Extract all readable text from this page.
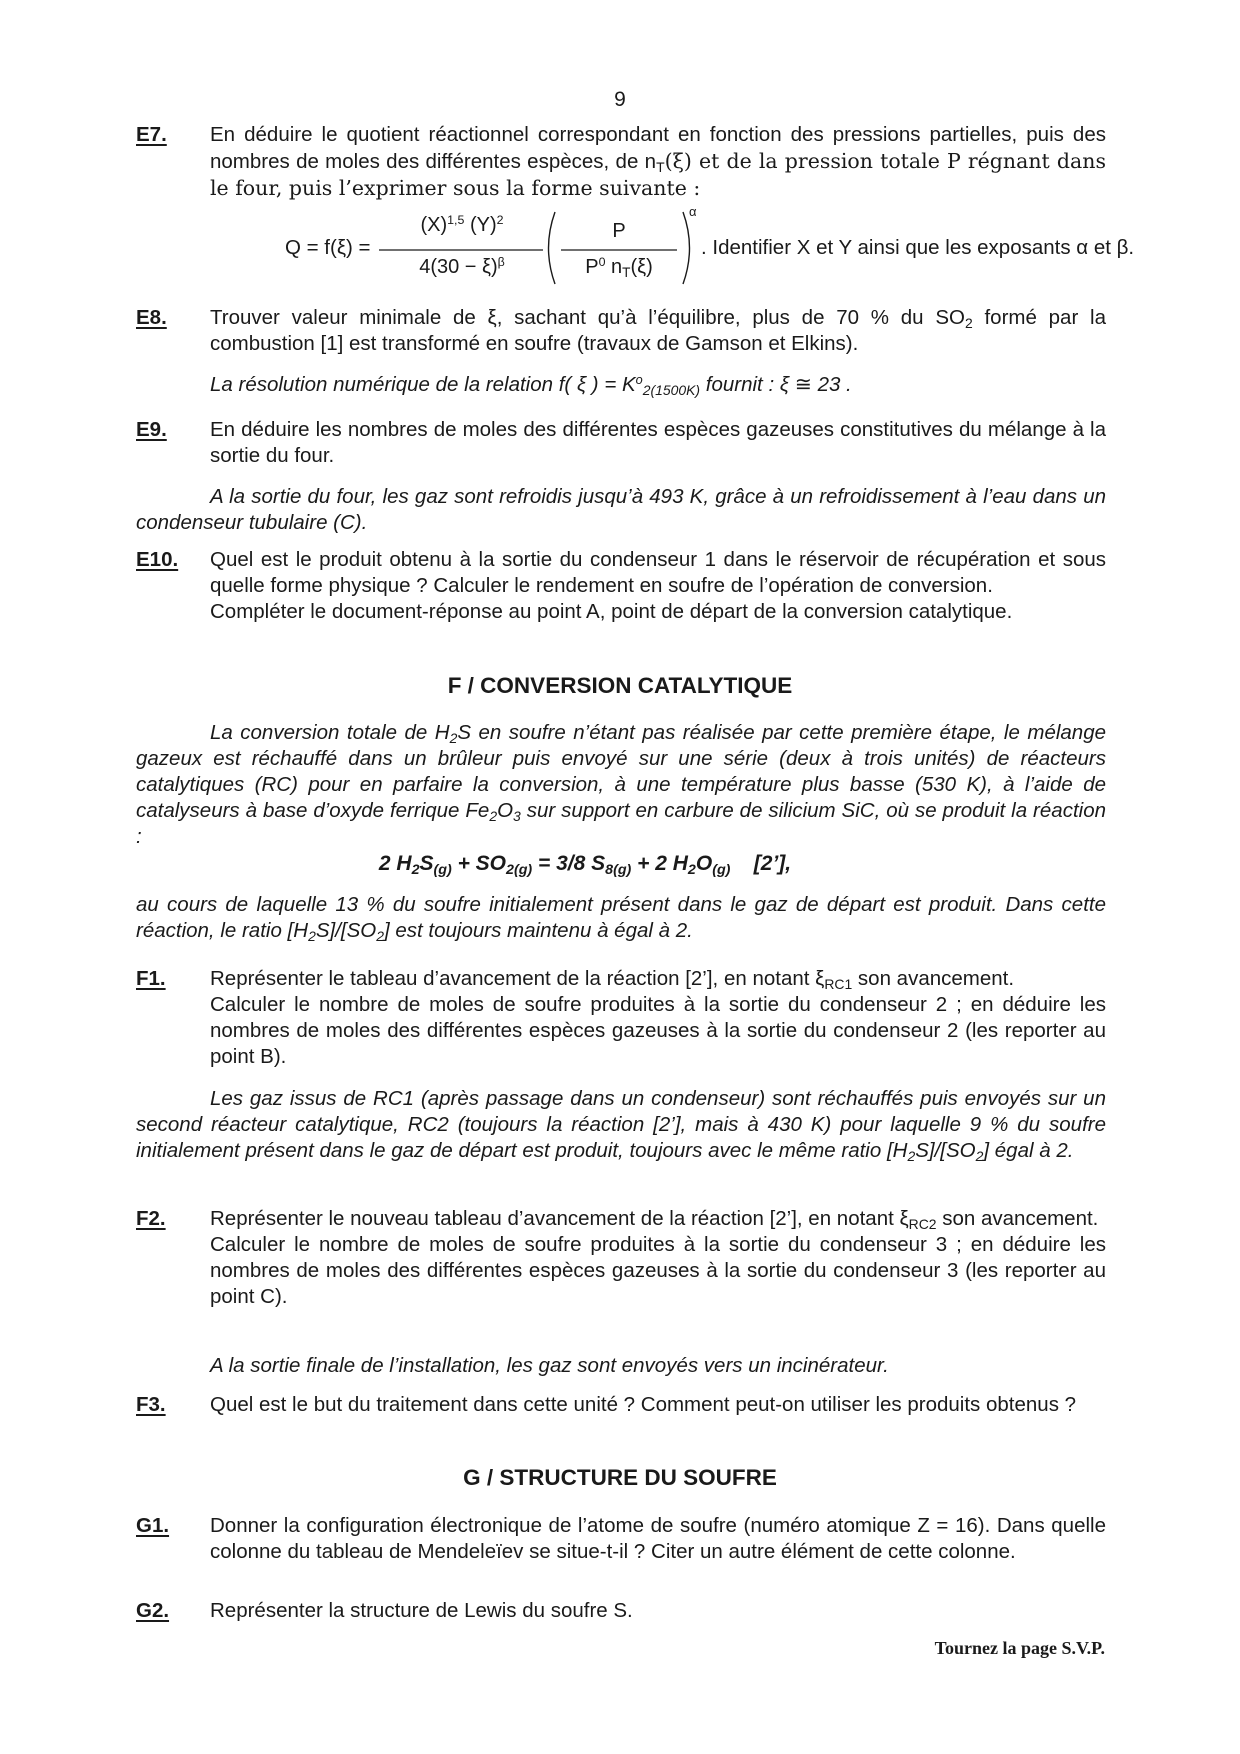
9
E7. En déduire le quotient réactionnel correspondant en fonction des pressions partielles, puis des nombres de moles des différentes espèces, de $n_T(\xi)$ et de la pression totale P régnant dans le four, puis l’exprimer sous la forme suivante :
Q = f(ξ) =
$(X)^{1,5}$ $(Y)^2$
$4(30 - \xi)^\beta$
P
$P^0$ $n_T(\xi)$
α
. Identifier X et Y ainsi que les exposants α et β.
E8. Trouver valeur minimale de ξ, sachant qu’à l’équilibre, plus de 70 % du $SO_2$ formé par la combustion [1] est transformé en soufre (travaux de Gamson et Elkins).
La résolution numérique de la relation f( ξ ) = $K^o_{2(1500K)}$ fournit : ξ ≅ 23 .
E9. En déduire les nombres de moles des différentes espèces gazeuses constitutives du mélange à la sortie du four.
A la sortie du four, les gaz sont refroidis jusqu’à 493 K, grâce à un refroidissement à l’eau dans un condenseur tubulaire (C).
E10. Quel est le produit obtenu à la sortie du condenseur 1 dans le réservoir de récupération et sous quelle forme physique ? Calculer le rendement en soufre de l’opération de conversion.

Compléter le document-réponse au point A, point de départ de la conversion catalytique.

F / CONVERSION CATALYTIQUE
La conversion totale de $H_2S$ en soufre n’étant pas réalisée par cette première étape, le mélange gazeux est réchauffé dans un brûleur puis envoyé sur une série (deux à trois unités) de réacteurs catalytiques (RC) pour en parfaire la conversion, à une température plus basse (530 K), à l’aide de catalyseurs à base d’oxyde ferrique $Fe_2O_3$ sur support en carbure de silicium SiC, où se produit la réaction :
2 $H_2S_{(g)} + SO_{2(g)} = 3/8$ $S_{8(g)} + 2$ $H_2O_{(g)}$ [2’],
au cours de laquelle 13 % du soufre initialement présent dans le gaz de départ est produit. Dans cette réaction, le ratio $[H_2S]/[SO_2]$ est toujours maintenu à égal à 2.
F1. Représenter le tableau d’avancement de la réaction [2’], en notant $\xi_{RC1}$ son avancement.

Calculer le nombre de moles de soufre produites à la sortie du condenseur 2 ; en déduire les nombres de moles des différentes espèces gazeuses à la sortie du condenseur 2 (les reporter au point B).

Les gaz issus de RC1 (après passage dans un condenseur) sont réchauffés puis envoyés sur un second réacteur catalytique, RC2 (toujours la réaction [2’], mais à 430 K) pour laquelle 9 % du soufre initialement présent dans le gaz de départ est produit, toujours avec le même ratio $[H_2S]/[SO_2]$ égal à 2.
F2. Représenter le nouveau tableau d’avancement de la réaction [2’], en notant $\xi_{RC2}$ son avancement.

Calculer le nombre de moles de soufre produites à la sortie du condenseur 3 ; en déduire les nombres de moles des différentes espèces gazeuses à la sortie du condenseur 3 (les reporter au point C).

A la sortie finale de l’installation, les gaz sont envoyés vers un incinérateur.
F3. Quel est le but du traitement dans cette unité ? Comment peut-on utiliser les produits obtenus ?
G / STRUCTURE DU SOUFRE
G1. Donner la configuration électronique de l’atome de soufre (numéro atomique Z = 16). Dans quelle colonne du tableau de Mendeleïev se situe-t-il ? Citer un autre élément de cette colonne.
G2. Représenter la structure de Lewis du soufre S.
Tournez la page S.V.P.
